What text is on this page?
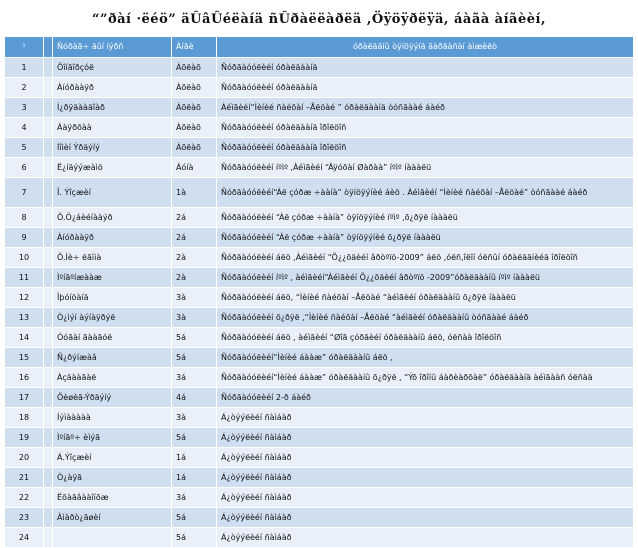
“”ðàí ·ëéö” äÛâÛéëàíä ñÛðàëëàðëä ,Öÿöÿðëÿä, áàãà àíãèèí,
¹		Ñóðàã÷ äûí íýðñ	Àíãè	óðàëääíû òÿíöÿýíä ãàðãàñàí àìæèëò
1		Õîíãîðçóë	Àõëàõ	Ñóðãàóóëèéí óðàëäààíä
2		Àíóðààÿð	Àõëàõ	Ñóðãàóóëèéí óðàëäààíä
3		Í¿ðÿäààäîàð	Àõëàõ	Àéìãèéí“Ìèíèé ñàéõàí –Åëöàé ” óðàëäààíä òóñãààé áàéð
4		Áàÿðõàà	Àõëàõ	Ñóðãàóóëèéí óðàëäààíä îðîëöîñ
5		Íîìèí Ýðäýíý	Àõëàõ	Ñóðãàóóëèéí óðàëäààíä îðîëöîñ
6		Ë¿íäýýæàìö	Áóíà	Ñóðãàóóëèéí íºìº ,Àéìãèéí “Äÿóõàí Øàðàà” íºìº íàààëü
7		Î. Ýîçæèí	1à	Ñóðãàóóëèéí“Àë çóðæ ÷ààíà” òÿíöÿýíèé áèö . Àéìãèéí “Ìèíèé ñàéõàí –Åëöàé” òóñãààé áàéð
8		Õ.Ö¿áèéíààýð	2á	Ñóðãàóóëèéí “Àë çóðæ ÷ààíà” òÿíöÿýíèé íºìº ,õ¿ðÿë íàààëü
9		Àíóðààÿð	2á	Ñóðãàóóëèéí “Àë çóðæ ÷ààíà” òÿíöÿýíèé õ¿ðÿë íàààëü
10		Õ.Ìè÷ ëãììà	2à	Ñóðãàóóëèéí áëö ,Àéìãèéí “Õ¿¿õäèéí âðòºïö-2009” áëö ,óëñ,îëîí óëñûí óðàëääíèéä îðîëöîñ
11		Ìºíãºíæààæ	2à	Ñóðãàóóëèéí íºìº , àéìãèéí“Àéìãèéí Õ¿¿õäèéí âðòºïö -2009”óðàëäààíû íºìº íàààëü
12		Îþóíöàíä	3à	Ñóðãàóóëèéí áëö, “Ìèíèé ñàéõàí –Åëöàé “àéìãèéí óðàëäààíû õ¿ðÿë íàààëü
13		Ò¿ìýí àýíàÿðýë	3à	Ñóðãàóóëèéí õ¿ðÿë ,“Ìèíèé ñàéõàí –Åëöàé “àéìãèéí óðàëäààíû òóñãààé áàéð
14		Óóãàí ãààãóë	5á	Ñóðãàóóëèéí áëö , àéìãèéí “Øîã çóðãèéí óðàëäààíû áëö, óëñàà îðîëöîñ
15		Ñ¿ðýíæàâ	5á	Ñóðãàóóëèéí“Ìèíèé áààæ” óðàëäààíû áëö ,
16		Àçäààãàë	3á	Ñóðãàóóëèéí“Ìèíèé áààæ” óðàëäààíû õ¿ðÿë , “Ýõ îðîíû áàðèàðõàë” óðàëäààíä àéìãààñ óëñàä
17		Õèøèã-Ýðäýíý	4á	Ñóðãàóóëèéí 2-ð áàéð
18		Íýìààààà	3à	Á¿òýýëèéí ñàìáàð
19		Ìºíãº÷ èìýã	5á	Á¿òýýëèéí ñàìáàð
20		Á.Ýîçæèí	1á	Á¿òýýëèéí ñàìáàð
21		Ò¿àÿã	1á	Á¿òýýëèéí ñàìáàð
22		Ëõàãâààîíõæ	3á	Á¿òýýëèéí ñàìáàð
23		Àìàðò¿ãøèí	5á	Á¿òýýëèéí ñàìáàð
24			5á	Á¿òýýëèéí ñàìáàð
